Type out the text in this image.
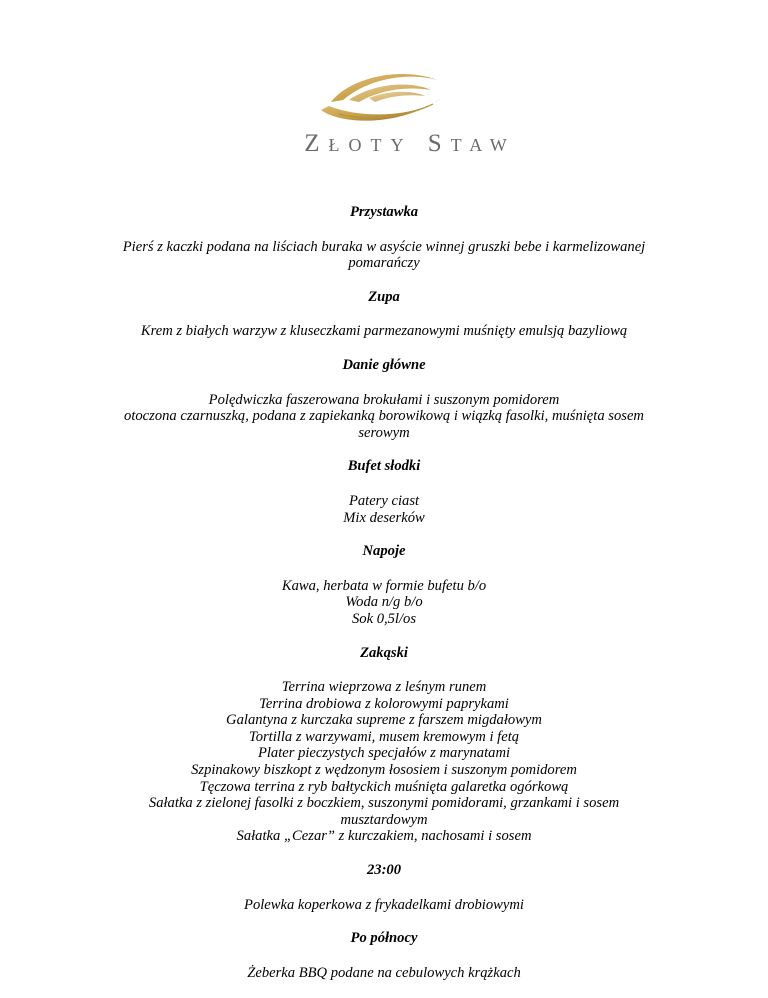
Złoty Staw

Przystawka

Pierś z kaczki podana na liściach buraka w asyście winnej gruszki bebe i karmelizowanej

pomarańczy

Zupa

Krem z białych warzyw z kluseczkami parmezanowymi muśnięty emulsją bazyliową

Danie główne

Polędwiczka faszerowana brokułami i suszonym pomidorem

otoczona czarnuszką, podana z zapiekanką borowikową i wiązką fasolki, muśnięta sosem

serowym

Bufet słodki

Patery ciast

Mix deserków

Napoje

Kawa, herbata w formie bufetu b/o

Woda n/g b/o

Sok 0,5l/os

Zakąski

Terrina wieprzowa z leśnym runem

Terrina drobiowa z kolorowymi paprykami

Galantyna z kurczaka supreme z farszem migdałowym

Tortilla z warzywami, musem kremowym i fetą

Plater pieczystych specjałów z marynatami

Szpinakowy biszkopt z wędzonym łososiem i suszonym pomidorem

Tęczowa terrina z ryb bałtyckich muśnięta galaretka ogórkową

Sałatka z zielonej fasolki z boczkiem, suszonymi pomidorami, grzankami i sosem

musztardowym

Sałatka „Cezar” z kurczakiem, nachosami i sosem

23:00

Polewka koperkowa z frykadelkami drobiowymi

Po północy

Żeberka BBQ podane na cebulowych krążkach
